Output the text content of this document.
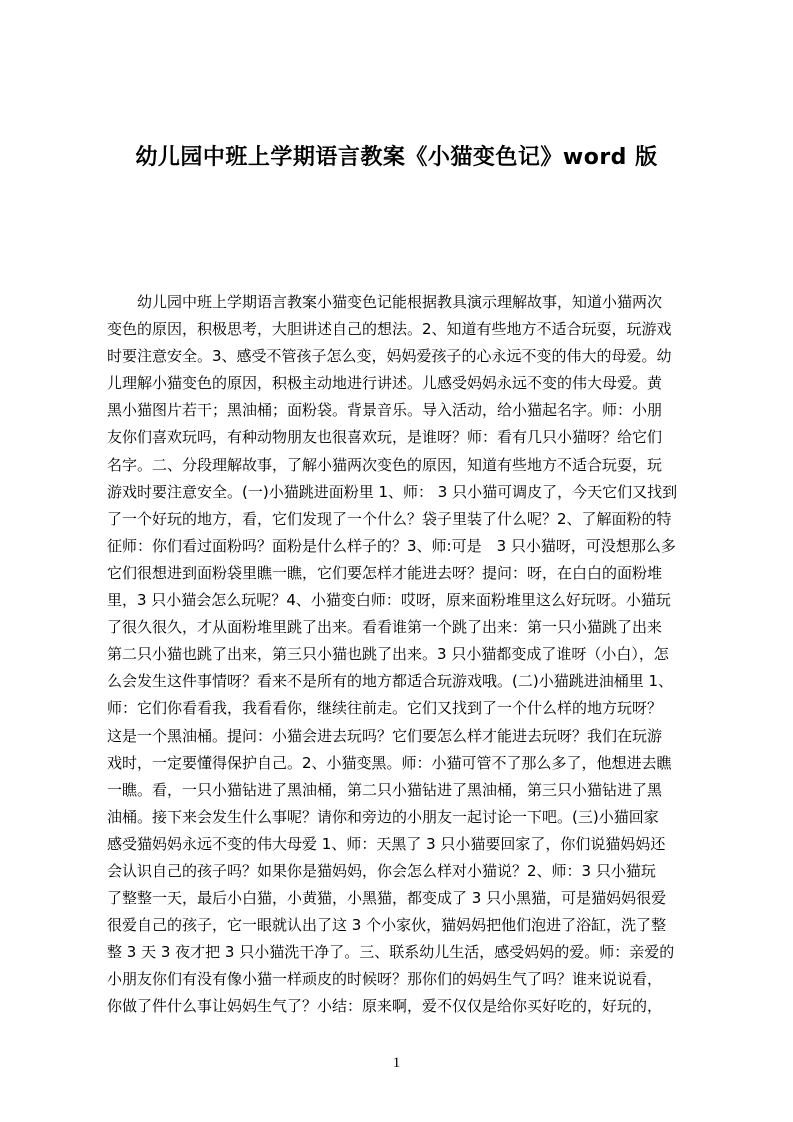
幼儿园中班上学期语言教案《小猫变色记》word 版
　　幼儿园中班上学期语言教案小猫变色记能根据教具演示理解故事，知道小猫两次
变色的原因，积极思考，大胆讲述自己的想法。2、知道有些地方不适合玩耍，玩游戏
时要注意安全。3、感受不管孩子怎么变，妈妈爱孩子的心永远不变的伟大的母爱。幼
儿理解小猫变色的原因，积极主动地进行讲述。儿感受妈妈永远不变的伟大母爱。黄
黑小猫图片若干；黑油桶；面粉袋。背景音乐。导入活动，给小猫起名字。师：小朋
友你们喜欢玩吗，有种动物朋友也很喜欢玩，是谁呀？师：看有几只小猫呀？给它们
名字。二、分段理解故事，了解小猫两次变色的原因，知道有些地方不适合玩耍，玩
游戏时要注意安全。(一)小猫跳进面粉里 1、师： 3 只小猫可调皮了，今天它们又找到
了一个好玩的地方，看，它们发现了一个什么？袋子里装了什么呢？2、了解面粉的特
征师：你们看过面粉吗？面粉是什么样子的？3、师:可是　3 只小猫呀，可没想那么多
它们很想进到面粉袋里瞧一瞧，它们要怎样才能进去呀？提问：呀，在白白的面粉堆
里，3 只小猫会怎么玩呢？4、小猫变白师：哎呀，原来面粉堆里这么好玩呀。小猫玩
了很久很久，才从面粉堆里跳了出来。看看谁第一个跳了出来：第一只小猫跳了出来
第二只小猫也跳了出来，第三只小猫也跳了出来。3 只小猫都变成了谁呀（小白），怎
么会发生这件事情呀？看来不是所有的地方都适合玩游戏哦。(二)小猫跳进油桶里 1、
师：它们你看看我，我看看你，继续往前走。它们又找到了一个什么样的地方玩呀？
这是一个黑油桶。提问：小猫会进去玩吗？它们要怎么样才能进去玩呀？我们在玩游
戏时，一定要懂得保护自己。2、小猫变黑。师：小猫可管不了那么多了，他想进去瞧
一瞧。看，一只小猫钻进了黑油桶，第二只小猫钻进了黑油桶，第三只小猫钻进了黑
油桶。接下来会发生什么事呢？请你和旁边的小朋友一起讨论一下吧。(三)小猫回家
感受猫妈妈永远不变的伟大母爱 1、师：天黑了 3 只小猫要回家了，你们说猫妈妈还
会认识自己的孩子吗？如果你是猫妈妈，你会怎么样对小猫说？2、师：3 只小猫玩
了整整一天，最后小白猫，小黄猫，小黑猫，都变成了 3 只小黑猫，可是猫妈妈很爱
很爱自己的孩子，它一眼就认出了这 3 个小家伙，猫妈妈把他们泡进了浴缸，洗了整
整 3 天 3 夜才把 3 只小猫洗干净了。三、联系幼儿生活，感受妈妈的爱。师：亲爱的
小朋友你们有没有像小猫一样顽皮的时候呀？那你们的妈妈生气了吗？谁来说说看，
你做了件什么事让妈妈生气了？小结：原来啊，爱不仅仅是给你买好吃的，好玩的，
1
